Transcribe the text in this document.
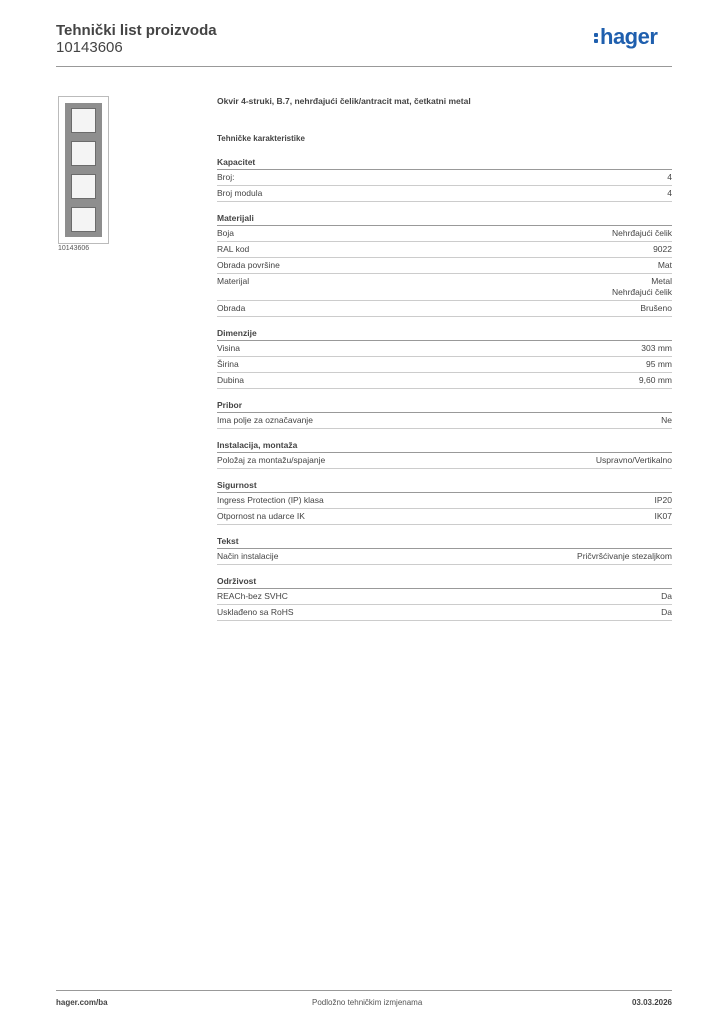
Tehnički list proizvoda
10143606	hager
10143606
Okvir 4-struki, B.7, nehrđajući čelik/antracit mat, četkatni metal
Tehničke karakteristike
Kapacitet
Broj:	4
Broj modula	4
Materijali
Boja	Nehrđajući čelik
RAL kod	9022
Obrada površine	Mat
Materijal	Metal
Nehrđajući čelik
Obrada	Brušeno
Dimenzije
Visina	303 mm
Širina	95 mm
Dubina	9,60 mm
Pribor
Ima polje za označavanje	Ne
Instalacija, montaža
Položaj za montažu/spajanje	Uspravno/Vertikalno
Sigurnost
Ingress Protection (IP) klasa	IP20
Otpornost na udarce IK	IK07
Tekst
Način instalacije	Pričvršćivanje stezaljkom
Održivost
REACh-bez SVHC	Da
Usklađeno sa RoHS	Da
hager.com/ba	Podložno tehničkim izmjenama	03.03.2026
